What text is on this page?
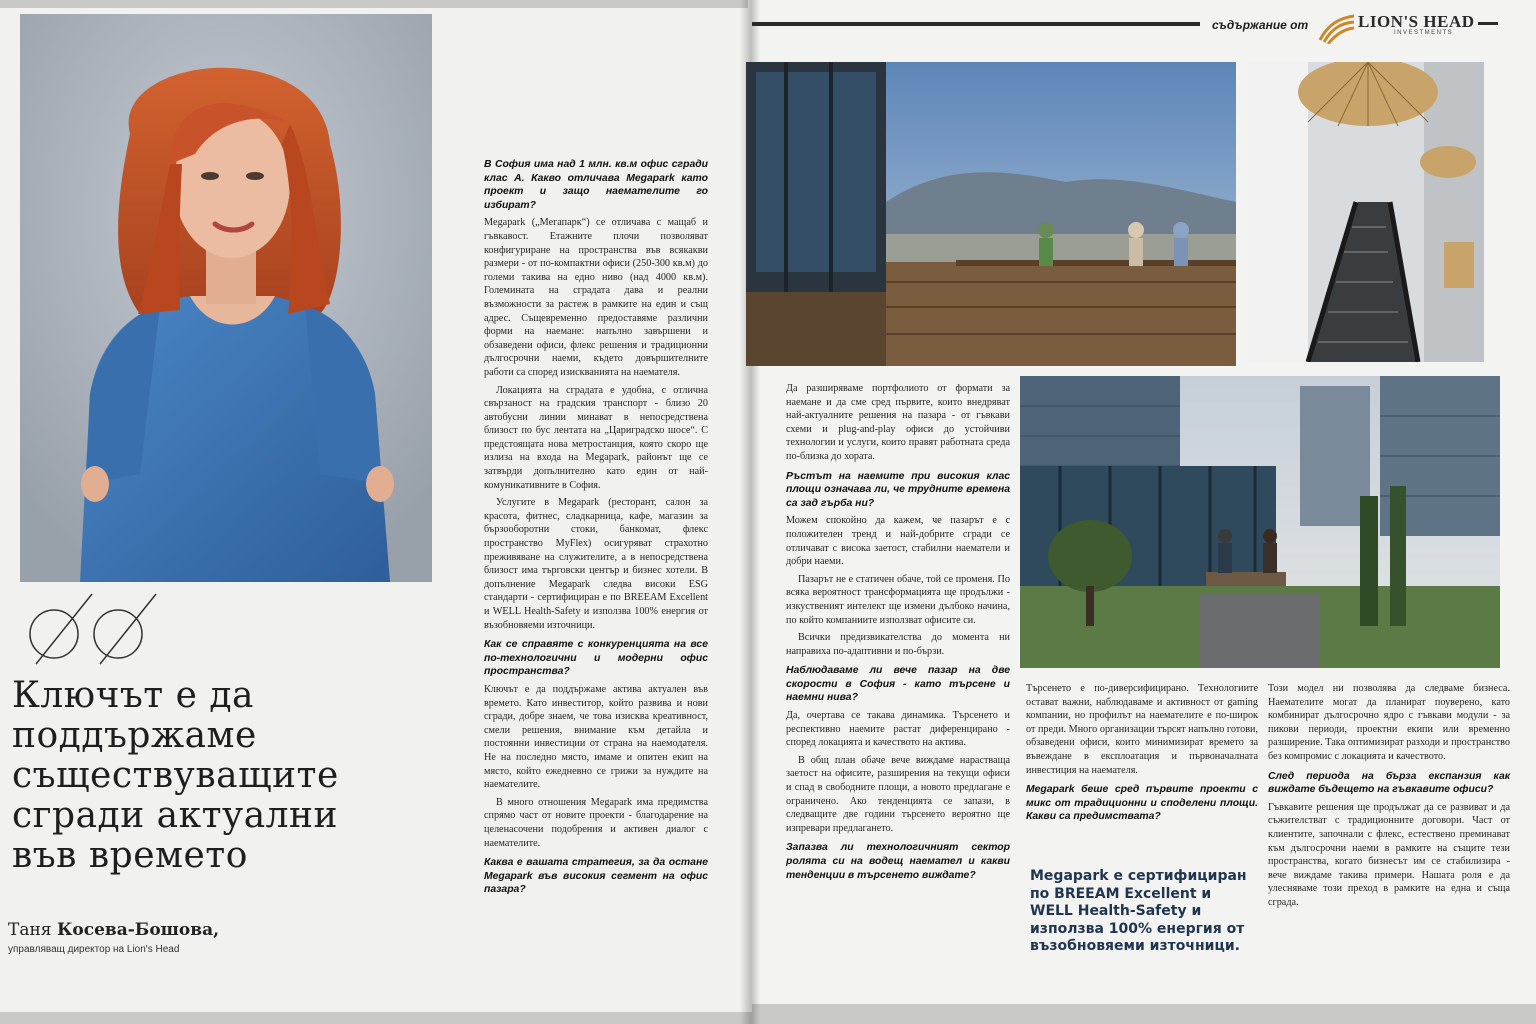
Ключът е да
поддържаме
съществуващите
сгради актуални
във времето
Таня Косева-Бошова,
управляващ директор на Lion's Head

В София има над 1 млн. кв.м офис сгради клас А. Какво отличава Megapark като проект и защо наемателите го избират?

Megapark („Мегапарк“) се отличава с мащаб и гъвкавост. Етажните плочи позволяват конфигуриране на пространства във всякакви размери - от по-компактни офиси (250-300 кв.м) до големи такива на едно ниво (над 4000 кв.м). Големината на сградата дава и реални възможности за растеж в рамките на един и същ адрес. Същевременно предоставяме различни форми на наемане: напълно завършени и обзаведени офиси, флекс решения и традиционни дългосрочни наеми, където довършителните работи са според изискванията на наемателя.

Локацията на сградата е удобна, с отлична свързаност на градския транспорт - близо 20 автобусни линии минават в непосредствена близост по бус лентата на „Цариградско шосе“. С предстоящата нова метростанция, която скоро ще излиза на входа на Megapark, районът ще се затвърди допълнително като един от най-комуникативните в София.

Услугите в Megapark (ресторант, салон за красота, фитнес, сладкарница, кафе, магазин за бързооборотни стоки, банкомат, флекс пространство MyFlex) осигуряват страхотно преживяване на служителите, а в непосредствена близост има търговски център и бизнес хотели. В допълнение Megapark следва високи ESG стандарти - сертифициран е по BREEAM Excellent и WELL Health-Safety и използва 100% енергия от възобновяеми източници.

Как се справяте с конкуренцията на все по-технологични и модерни офис пространства?

Ключът е да поддържаме актива актуален във времето. Като инвеститор, който развива и нови сгради, добре знаем, че това изисква креативност, смели решения, внимание към детайла и постоянни инвестиции от страна на наемодателя. Не на последно място, имаме и опитен екип на място, който ежедневно се грижи за нуждите на наемателите.

В много отношения Megapark има предимства спрямо част от новите проекти - благодарение на целенасочени подобрения и активен диалог с наемателите.

Каква е вашата стратегия, за да остане Megapark във високия сегмент на офис пазара?

Да разширяваме портфолиото от формати за наемане и да сме сред първите, които внедряват най-актуалните решения на пазара - от гъвкави схеми и plug-and-play офиси до устойчиви технологии и услуги, които правят работната среда по-близка до хората.

Ръстът на наемите при високия клас площи означава ли, че трудните времена са зад гърба ни?

Можем спокойно да кажем, че пазарът е с положителен тренд и най-добрите сгради се отличават с висока заетост, стабилни наематели и добри наеми.

Пазарът не е статичен обаче, той се променя. По всяка вероятност трансформацията ще продължи - изкуственият интелект ще измени дълбоко начина, по който компаниите използват офисите си.

Всички предизвикателства до момента ни направиха по-адаптивни и по-бързи.

Наблюдаваме ли вече пазар на две скорости в София - като търсене и наемни нива?

Да, очертава се такава динамика. Търсенето и респективно наемите растат диференцирано - според локацията и качеството на актива.

В общ план обаче вече виждаме нарастваща заетост на офисите, разширения на текущи офиси и спад в свободните площи, а новото предлагане е ограничено. Ако тенденцията се запази, в следващите две години търсенето вероятно ще изпревари предлагането.

Запазва ли технологичният сектор ролята си на водещ наемател и какви тенденции в търсенето виждате?

Търсенето е по-диверсифицирано. Технологиите остават важни, наблюдаваме и активност от gaming компании, но профилът на наемателите е по-широк от преди. Много организации търсят напълно готови, обзаведени офиси, които минимизират времето за въвеждане в експлоатация и първоначалната инвестиция на наемателя.

Megapark беше сред първите проекти с микс от традиционни и споделени площи. Какви са предимствата?

Този модел ни позволява да следваме бизнеса. Наемателите могат да планират поуверено, като комбинират дългосрочно ядро с гъвкави модули - за пикови периоди, проектни екипи или временно разширение. Така оптимизират разходи и пространство без компромис с локацията и качеството.

След периода на бърза експанзия как виждате бъдещето на гъвкавите офиси?

Гъвкавите решения ще продължат да се развиват и да съжителстват с традиционните договори. Част от клиентите, започнали с флекс, естествено преминават към дългосрочни наеми в рамките на същите тези пространства, когато бизнесът им се стабилизира - вече виждаме такива примери. Нашата роля е да улесняваме този преход в рамките на една и съща сграда.

Megapark е сертифициран по BREEAM Excellent и WELL Health-Safety и използва 100% енергия от възобновяеми източници.
съдържание от	LION'S HEAD
INVESTMENTS
